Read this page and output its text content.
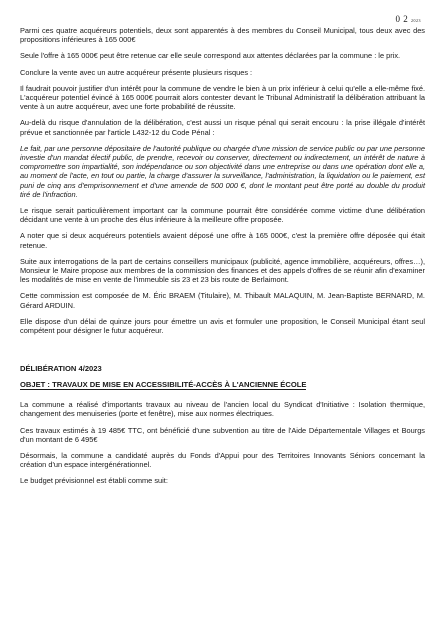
0 2 2023

Parmi ces quatre acquéreurs potentiels, deux sont apparentés à des membres du Conseil Municipal, tous deux avec des propositions inférieures à 165 000€

Seule l'offre à 165 000€ peut être retenue car elle seule correspond aux attentes déclarées par la commune : le prix.

Conclure la vente avec un autre acquéreur présente plusieurs risques :

Il faudrait pouvoir justifier d'un intérêt pour la commune de vendre le bien à un prix inférieur à celui qu'elle a elle-même fixé. L'acquéreur potentiel évincé à 165 000€ pourrait alors contester devant le Tribunal Administratif la délibération attribuant la vente à un autre acquéreur, avec une forte probabilité de réussite.

Au-delà du risque d'annulation de la délibération, c'est aussi un risque pénal qui serait encouru : la prise illégale d'intérêt prévue et sanctionnée par l'article L432-12 du Code Pénal :

Le fait, par une personne dépositaire de l'autorité publique ou chargée d'une mission de service public ou par une personne investie d'un mandat électif public, de prendre, recevoir ou conserver, directement ou indirectement, un intérêt de nature à compromettre son impartialité, son indépendance ou son objectivité dans une entreprise ou dans une opération dont elle a, au moment de l'acte, en tout ou partie, la charge d'assurer la surveillance, l'administration, la liquidation ou le paiement, est puni de cinq ans d'emprisonnement et d'une amende de 500 000 €, dont le montant peut être porté au double du produit tiré de l'infraction.

Le risque serait particulièrement important car la commune pourrait être considérée comme victime d'une délibération décidant une vente à un proche des élus inférieure à la meilleure offre proposée.

A noter que si deux acquéreurs potentiels avaient déposé une offre à 165 000€, c'est la première offre déposée qui était retenue.

Suite aux interrogations de la part de certains conseillers municipaux (publicité, agence immobilière, acquéreurs, offres…), Monsieur le Maire propose aux membres de la commission des finances et des appels d'offres de se réunir afin d'examiner les modalités de mise en vente de l'immeuble sis 23 et 23 bis route de Berlaimont.

Cette commission est composée de M. Éric BRAEM (Titulaire), M. Thibault MALAQUIN, M. Jean-Baptiste BERNARD, M. Gérard ARDUIN.

Elle dispose d'un délai de quinze jours pour émettre un avis et formuler une proposition, le Conseil Municipal étant seul compétent pour désigner le futur acquéreur.

DÉLIBÉRATION 4/2023
OBJET : TRAVAUX DE MISE EN ACCESSIBILITÉ-ACCÈS À L'ANCIENNE ÉCOLE

La commune a réalisé d'importants travaux au niveau de l'ancien local du Syndicat d'Initiative : Isolation thermique, changement des menuiseries (porte et fenêtre), mise aux normes électriques.

Ces travaux estimés à 19 485€ TTC, ont bénéficié d'une subvention au titre de l'Aide Départementale Villages et Bourgs d'un montant de 6 495€

Désormais, la commune a candidaté auprès du Fonds d'Appui pour des Territoires Innovants Séniors concernant la création d'un espace intergénérationnel.

Le budget prévisionnel est établi comme suit:
